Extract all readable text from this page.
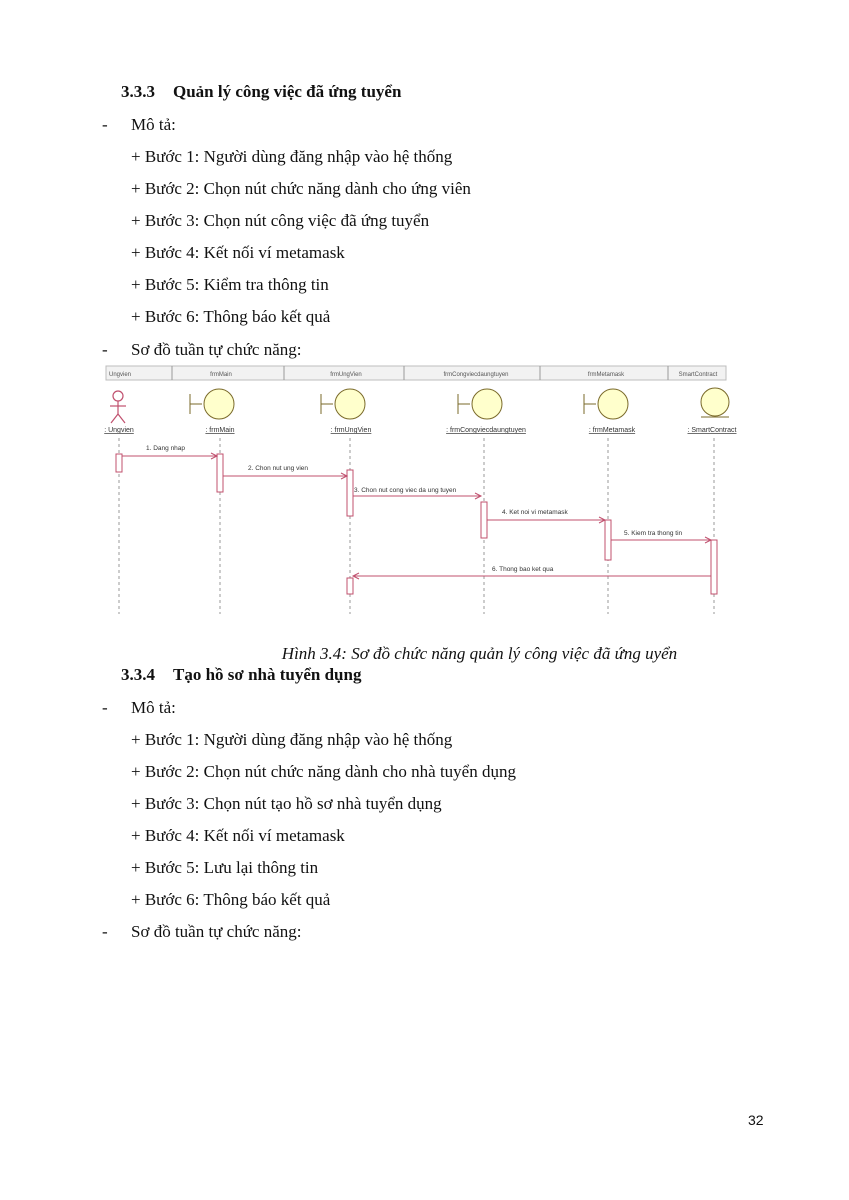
3.3.3 Quản lý công việc đã ứng tuyển
- Mô tả:
+ Bước 1: Người dùng đăng nhập vào hệ thống
+ Bước 2: Chọn nút chức năng dành cho ứng viên
+ Bước 3: Chọn nút công việc đã ứng tuyển
+ Bước 4: Kết nối ví metamask
+ Bước 5: Kiểm tra thông tin
+ Bước 6: Thông báo kết quả
- Sơ đồ tuần tự chức năng:
Ungvien	frmMain	frmUngVien	frmCongviecdaungtuyen	frmMetamask	SmartContract
: Ungvien	: frmMain	: frmUngVien	: frmCongviecdaungtuyen	: frmMetamask	: SmartContract
1. Dang nhap
2. Chon nut ung vien
3. Chon nut cong viec da ung tuyen
4. Ket noi vi metamask
5. Kiem tra thong tin
6. Thong bao ket qua
Hình 3.4: Sơ đồ chức năng quản lý công việc đã ứng uyển
3.3.4 Tạo hồ sơ nhà tuyển dụng
- Mô tả:
+ Bước 1: Người dùng đăng nhập vào hệ thống
+ Bước 2: Chọn nút chức năng dành cho nhà tuyển dụng
+ Bước 3: Chọn nút tạo hồ sơ nhà tuyển dụng
+ Bước 4: Kết nối ví metamask
+ Bước 5: Lưu lại thông tin
+ Bước 6: Thông báo kết quả
- Sơ đồ tuần tự chức năng:
32
